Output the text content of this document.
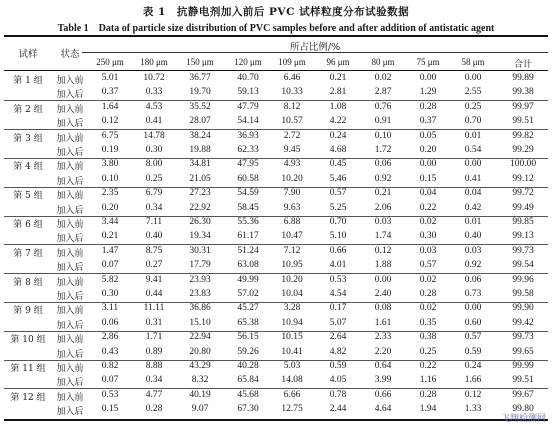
表 1　抗静电剂加入前后 PVC 试样粒度分布试验数据
Table 1　Data of particle size distribution of PVC samples before and after addition of antistatic agent
试样	状态
所占比例/%
250 μm	180 μm	150 μm	120 μm	109 μm	96 μm	80 μm	75 μm	58 μm	合计
第 1 组	加入前	5.01	10.72	36.77	40.70	6.46	0.21	0.02	0.00	0.00	99.89
加入后	0.37	0.33	19.70	59.13	10.33	2.81	2.87	1.29	2.55	99.38
第 2 组	加入前	1.64	4.53	35.52	47.79	8.12	1.08	0.76	0.28	0.25	99.97
加入后	0.12	0.41	28.07	54.14	10.57	4.22	0.91	0.37	0.70	99.51
第 3 组	加入前	6.75	14.78	38.24	36.93	2.72	0.24	0.10	0.05	0.01	99.82
加入后	0.19	0.30	19.88	62.33	9.45	4.68	1.72	0.20	0.54	99.29
第 4 组	加入前	3.80	8.00	34.81	47.95	4.93	0.45	0.06	0.00	0.00	100.00
加入后	0.10	0.25	21.05	60.58	10.20	5.46	0.92	0.15	0.41	99.12
第 5 组	加入前	2.35	6.79	27.23	54.59	7.90	0.57	0.21	0.04	0.04	99.72
加入后	0.20	0.34	22.92	58.45	9.63	5.25	2.06	0.22	0.42	99.49
第 6 组	加入前	3.44	7.11	26.30	55.36	6.88	0.70	0.03	0.02	0.01	99.85
加入后	0.21	0.40	19.34	61.17	10.47	5.10	1.74	0.30	0.40	99.13
第 7 组	加入前	1.47	8.75	30.31	51.24	7.12	0.66	0.12	0.03	0.03	99.73
加入后	0.07	0.27	17.79	63.08	10.95	4.01	1.88	0.57	0.92	99.54
第 8 组	加入前	5.82	9.41	23.93	49.99	10.20	0.53	0.00	0.02	0.06	99.96
加入后	0.30	0.44	23.83	57.02	10.04	4.54	2.40	0.28	0.73	99.58
第 9 组	加入前	3.11	11.11	36.86	45.27	3.28	0.17	0.08	0.02	0.00	99.90
加入后	0.06	0.31	15.10	65.38	10.94	5.07	1.61	0.35	0.60	99.42
第 10 组	加入前	2.86	1.71	22.94	56.15	10.15	2.64	2.33	0.38	0.57	99.73
加入后	0.43	0.89	20.80	59.26	10.41	4.82	2.20	0.25	0.59	99.65
第 11 组	加入前	0.82	8.88	43.29	40.28	5.03	0.59	0.64	0.22	0.24	99.99
加入后	0.07	0.34	8.32	65.84	14.08	4.05	3.99	1.16	1.66	99.51
第 12 组	加入前	0.53	4.77	40.19	45.68	6.66	0.78	0.66	0.28	0.12	99.67
加入后	0.15	0.28	9.07	67.30	12.75	2.44	4.64	1.94	1.33	99.80
飞翔检测网
